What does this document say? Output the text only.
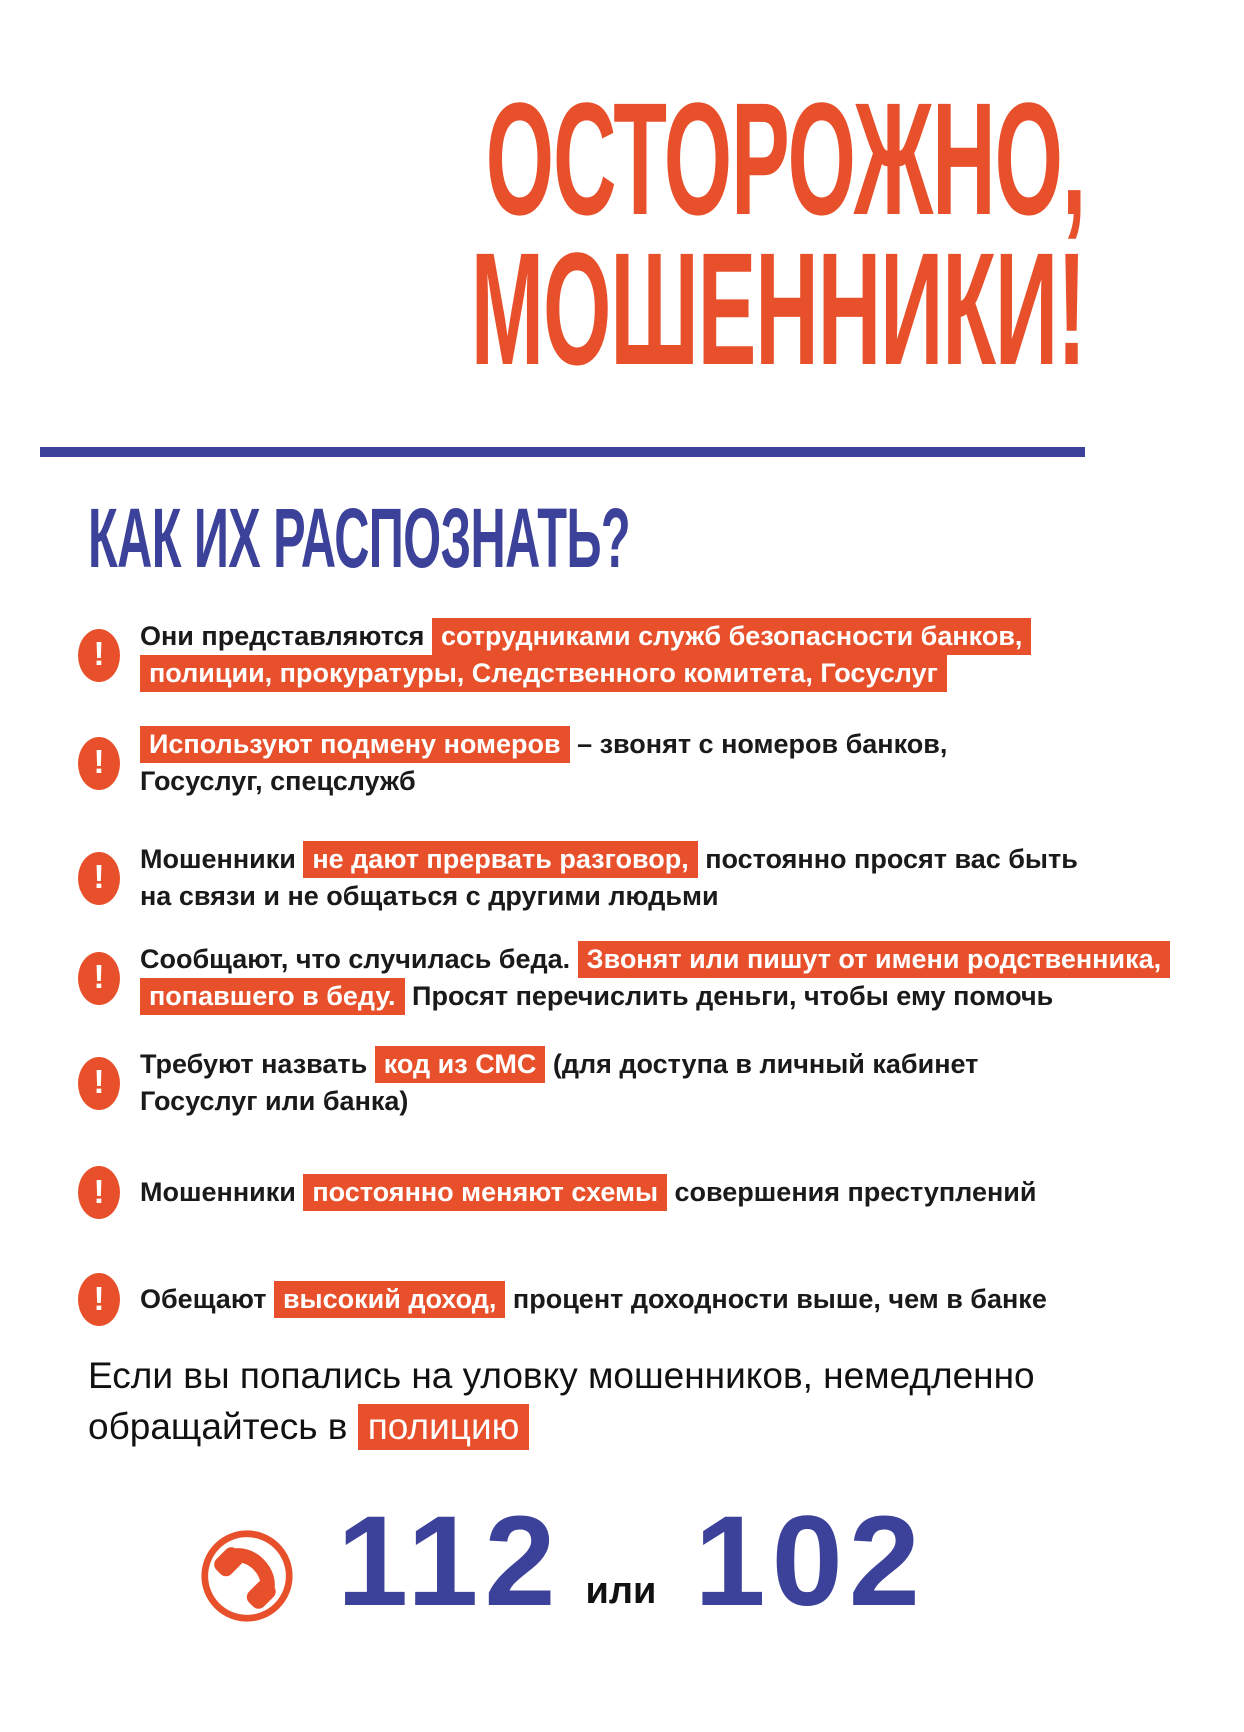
ОСТОРОЖНО,
МОШЕННИКИ!
КАК ИХ РАСПОЗНАТЬ?
!	Они представляются сотрудниками служб безопасности банков,
полиции, прокуратуры, Следственного комитета, Госуслуг

!	Используют подмену номеров – звонят с номеров банков,
Госуслуг, спецслужб

!	Мошенники не дают прервать разговор, постоянно просят вас быть
на связи и не общаться с другими людьми

!	Сообщают, что случилась беда. Звонят или пишут от имени родственника,
попавшего в беду. Просят перечислить деньги, чтобы ему помочь

!	Требуют назвать код из СМС (для доступа в личный кабинет
Госуслуг или банка)

!	Мошенники постоянно меняют схемы совершения преступлений

!	Обещают высокий доход, процент доходности выше, чем в банке

Если вы попались на уловку мошенников, немедленно
обращайтесь в полицию

112 или 102
